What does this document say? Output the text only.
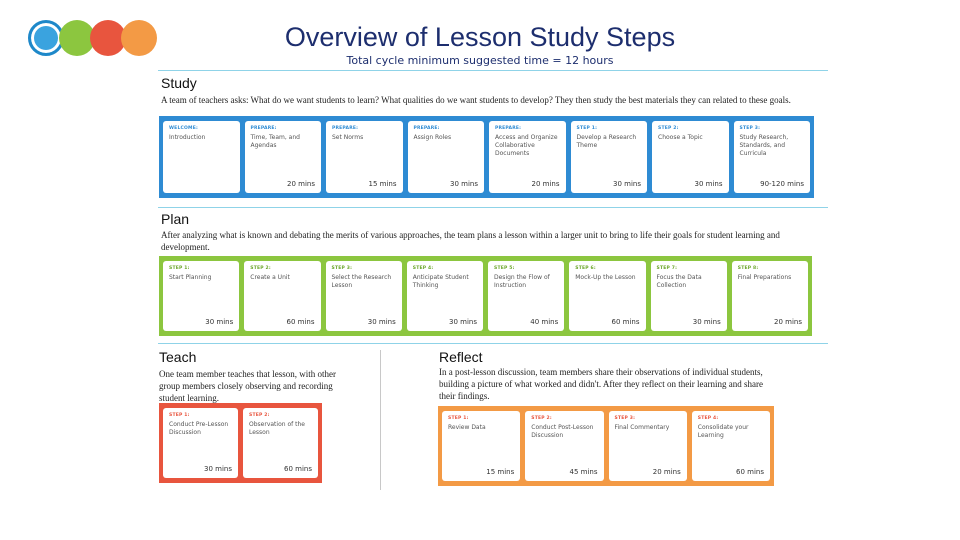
Overview of Lesson Study Steps
Total cycle minimum suggested time = 12 hours
Study
A team of teachers asks: What do we want students to learn? What qualities do we want students to develop? They then study the best materials they can related to these goals.
WELCOME:
Introduction
PREPARE:
Time, Team, and Agendas
20 mins
PREPARE:
Set Norms
15 mins
PREPARE:
Assign Roles
30 mins
PREPARE:
Access and Organize Collaborative Documents
20 mins
STEP 1:
Develop a Research Theme
30 mins
STEP 2:
Choose a Topic
30 mins
STEP 3:
Study Research, Standards, and Curricula
90-120 mins
Plan
After analyzing what is known and debating the merits of various approaches, the team plans a lesson within a larger unit to bring to life their goals for student learning and development.
STEP 1:
Start Planning
30 mins
STEP 2:
Create a Unit
60 mins
STEP 3:
Select the Research Lesson
30 mins
STEP 4:
Anticipate Student Thinking
30 mins
STEP 5:
Design the Flow of Instruction
40 mins
STEP 6:
Mock-Up the Lesson
60 mins
STEP 7:
Focus the Data Collection
30 mins
STEP 8:
Final Preparations
20 mins
Teach
One team member teaches that lesson, with other group members closely observing and recording student learning.
STEP 1:
Conduct Pre-Lesson Discussion
30 mins
STEP 2:
Observation of the Lesson
60 mins
Reflect
In a post-lesson discussion, team members share their observations of individual students, building a picture of what worked and didn't. After they reflect on their learning and share their findings.
STEP 1:
Review Data
15 mins
STEP 2:
Conduct Post-Lesson Discussion
45 mins
STEP 3:
Final Commentary
20 mins
STEP 4:
Consolidate your Learning
60 mins
